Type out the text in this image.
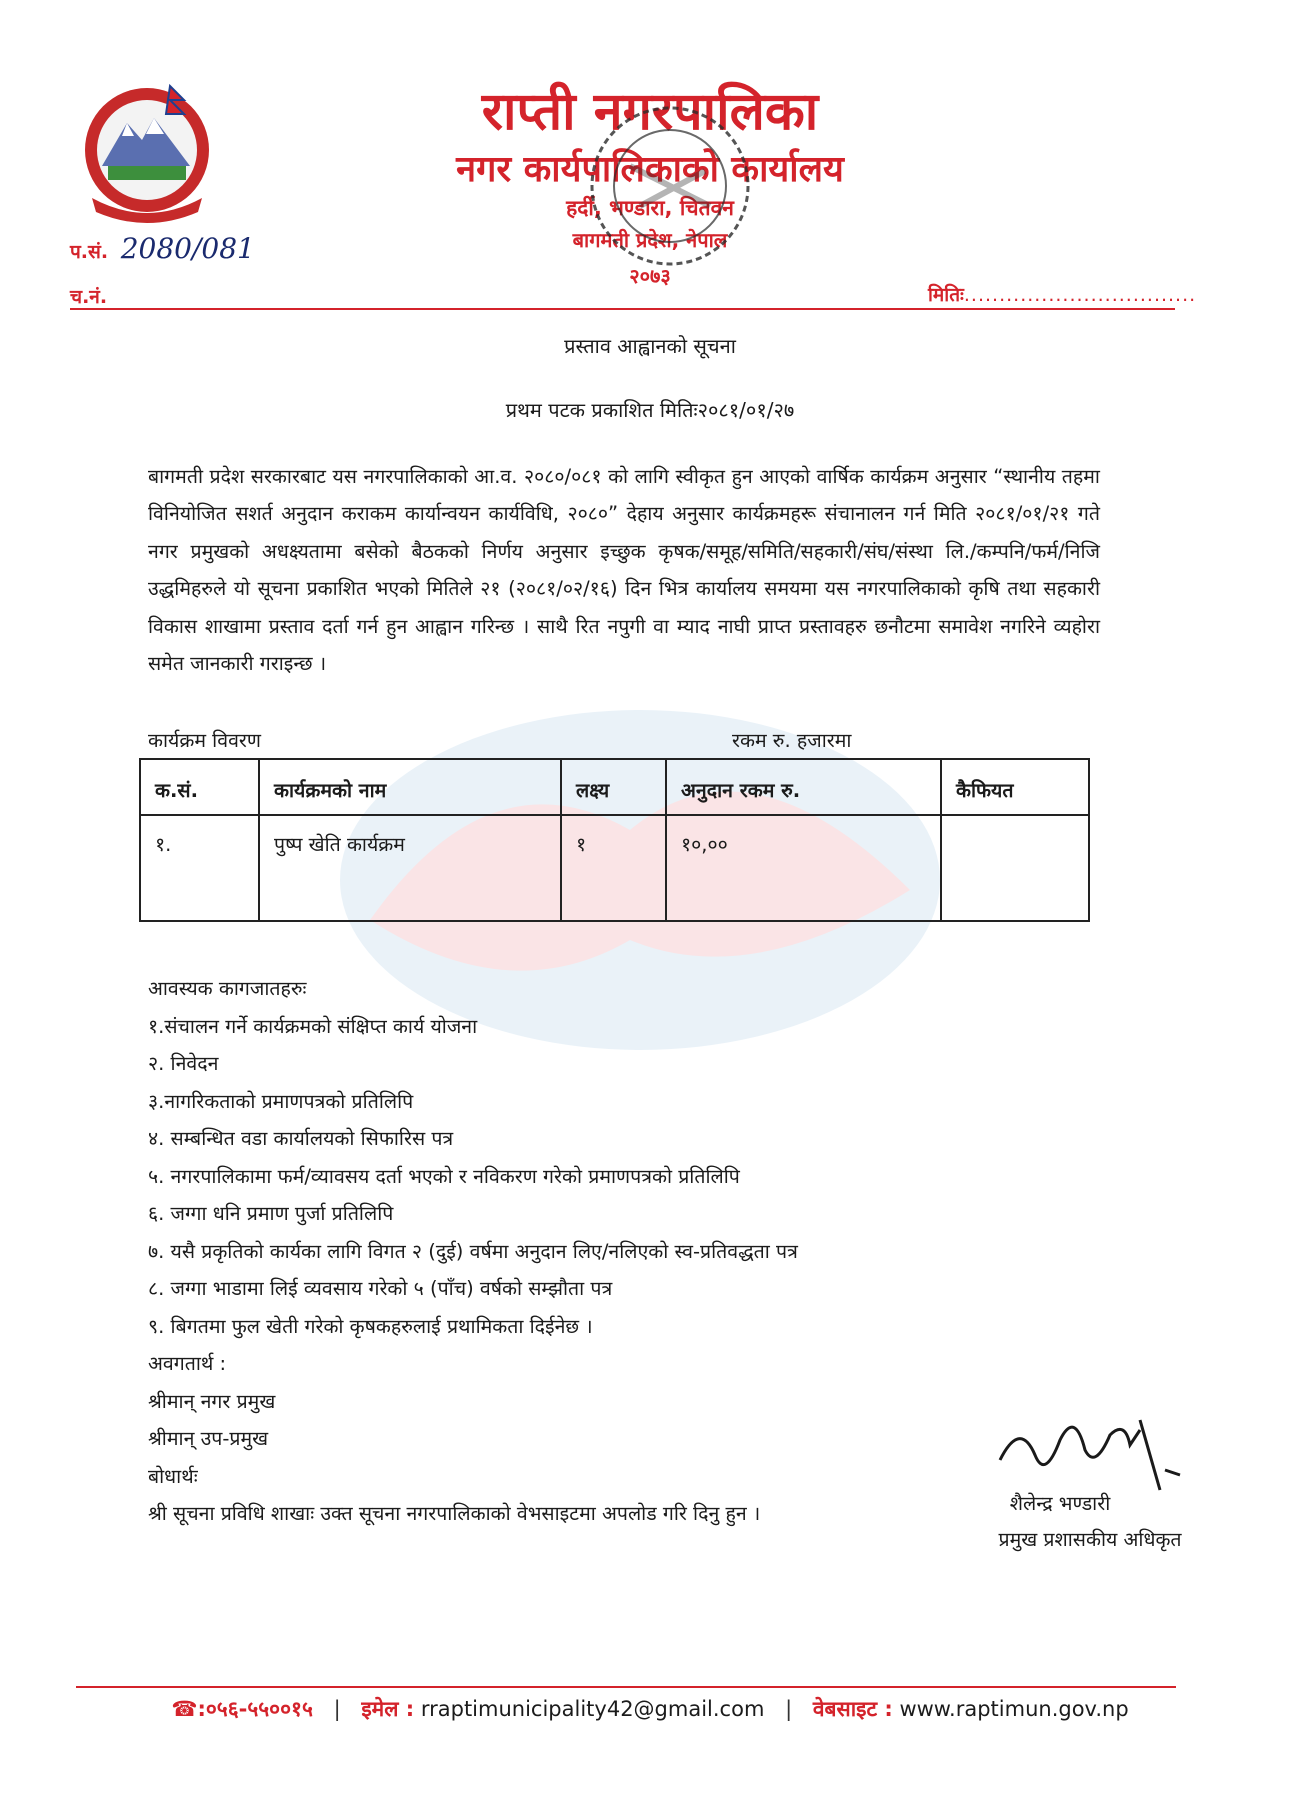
राप्ती नगरपालिका
नगर कार्यपालिकाको कार्यालय
हर्दी, भण्डारा, चितवन
बागमती प्रदेश, नेपाल
२०७३
प.सं. 2080/081
च.नं.	मितिः.................................
प्रस्ताव आह्वानको सूचना
प्रथम पटक प्रकाशित मितिः२०८१/०१/२७
बागमती प्रदेश सरकारबाट यस नगरपालिकाको आ.व. २०८०/०८१ को लागि स्वीकृत हुन आएको वार्षिक कार्यक्रम अनुसार “स्थानीय तहमा विनियोजित सशर्त अनुदान कराकम कार्यान्वयन कार्यविधि, २०८०” देहाय अनुसार कार्यक्रमहरू संचानालन गर्न मिति २०८१/०१/२१ गते नगर प्रमुखको अधक्ष्यतामा बसेको बैठकको निर्णय अनुसार इच्छुक कृषक/समूह/समिति/सहकारी/संघ/संस्था लि./कम्पनि/फर्म/निजि उद्धमिहरुले यो सूचना प्रकाशित भएको मितिले २१ (२०८१/०२/१६) दिन भित्र कार्यालय समयमा यस नगरपालिकाको कृषि तथा सहकारी विकास शाखामा प्रस्ताव दर्ता गर्न हुन आह्वान गरिन्छ । साथै रित नपुगी वा म्याद नाघी प्राप्त प्रस्तावहरु छनौटमा समावेश नगरिने व्यहोरा समेत जानकारी गराइन्छ ।
कार्यक्रम विवरण	रकम रु. हजारमा
क.सं.	कार्यक्रमको नाम	लक्ष्य	अनुदान रकम रु.	कैफियत
१.	पुष्प खेति कार्यक्रम	१	१०,००	
आवस्यक कागजातहरुः
१.संचालन गर्ने कार्यक्रमको संक्षिप्त कार्य योजना
२. निवेदन
३.नागरिकताको प्रमाणपत्रको प्रतिलिपि
४. सम्बन्धित वडा कार्यालयको सिफारिस पत्र
५. नगरपालिकामा फर्म/व्यावसय दर्ता भएको र नविकरण गरेको प्रमाणपत्रको प्रतिलिपि
६. जग्गा धनि प्रमाण पुर्जा प्रतिलिपि
७. यसै प्रकृतिको कार्यका लागि विगत २ (दुई) वर्षमा अनुदान लिए/नलिएको स्व-प्रतिवद्धता पत्र
८. जग्गा भाडामा लिई व्यवसाय गरेको ५ (पाँच) वर्षको सम्झौता पत्र
९. बिगतमा फुल खेती गरेको कृषकहरुलाई प्रथामिकता दिईनेछ ।
अवगतार्थ :
श्रीमान् नगर प्रमुख
श्रीमान् उप-प्रमुख
बोधार्थः
श्री सूचना प्रविधि शाखाः उक्त सूचना नगरपालिकाको वेभसाइटमा अपलोड गरि दिनु हुन ।	शैलेन्द्र भण्डारी
प्रमुख प्रशासकीय अधिकृत
☎:०५६-५५००१५ | इमेल : rraptimunicipality42@gmail.com | वेबसाइट : www.raptimun.gov.np
